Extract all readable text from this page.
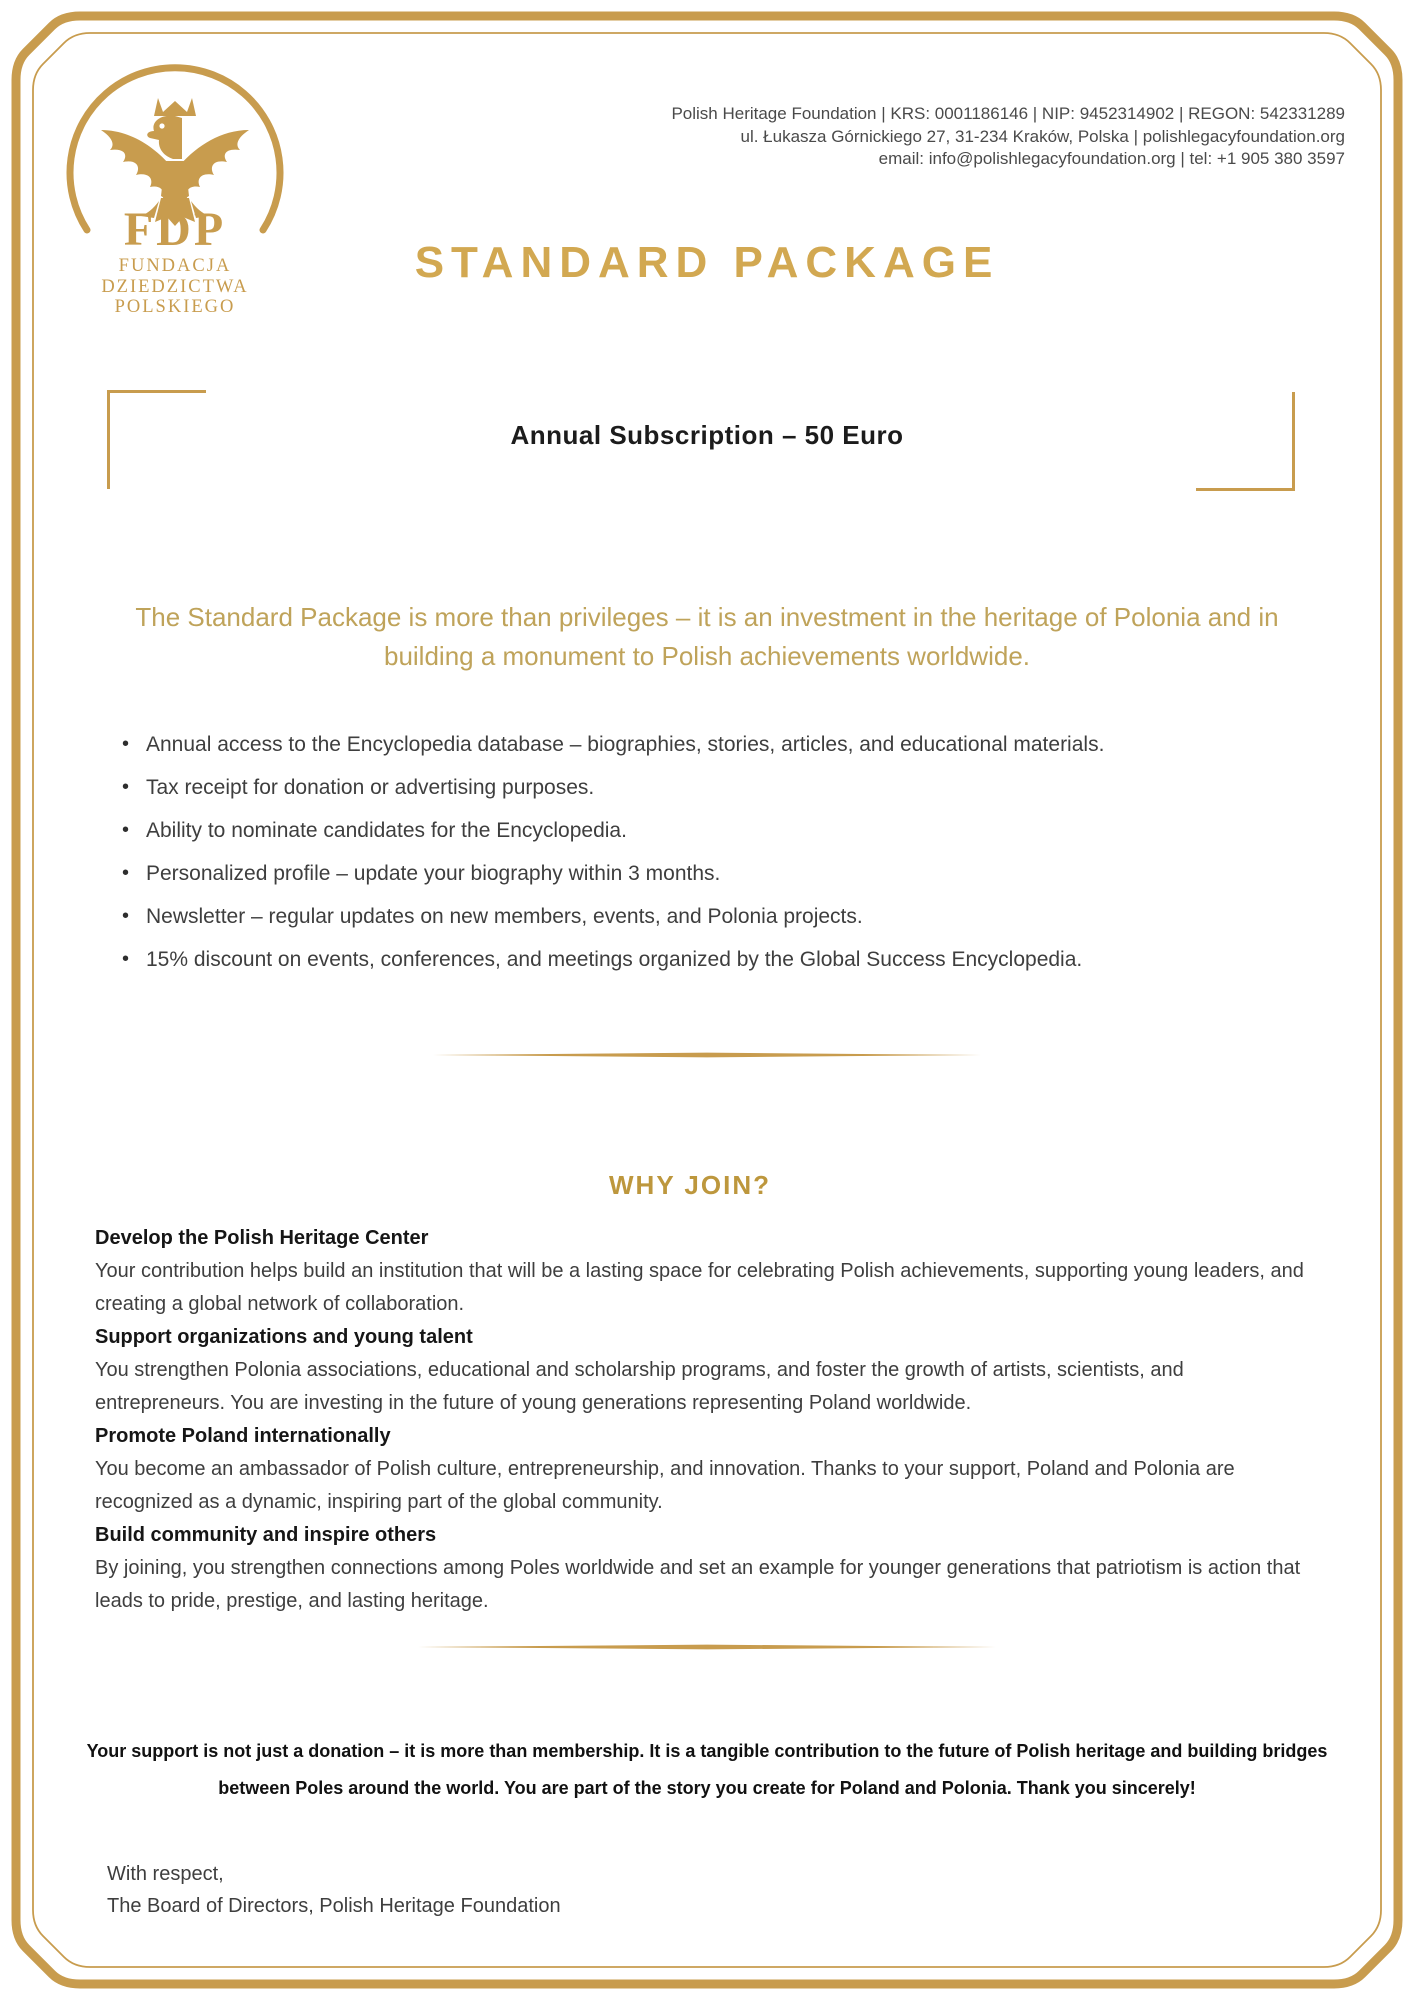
FDP
FUNDACJA
DZIEDZICTWA
POLSKIEGO
Polish Heritage Foundation | KRS: 0001186146 | NIP: 9452314902 | REGON: 542331289
ul. Łukasza Górnickiego 27, 31-234 Kraków, Polska | polishlegacyfoundation.org
email: info@polishlegacyfoundation.org | tel: +1 905 380 3597
STANDARD PACKAGE
Annual Subscription – 50 Euro
The Standard Package is more than privileges – it is an investment in the heritage of Polonia and in building a monument to Polish achievements worldwide.
• Annual access to the Encyclopedia database – biographies, stories, articles, and educational materials.
• Tax receipt for donation or advertising purposes.
• Ability to nominate candidates for the Encyclopedia.
• Personalized profile – update your biography within 3 months.
• Newsletter – regular updates on new members, events, and Polonia projects.
• 15% discount on events, conferences, and meetings organized by the Global Success Encyclopedia.
WHY JOIN?
Develop the Polish Heritage Center

Your contribution helps build an institution that will be a lasting space for celebrating Polish achievements, supporting young leaders, and creating a global network of collaboration.

Support organizations and young talent

You strengthen Polonia associations, educational and scholarship programs, and foster the growth of artists, scientists, and entrepreneurs. You are investing in the future of young generations representing Poland worldwide.

Promote Poland internationally

You become an ambassador of Polish culture, entrepreneurship, and innovation. Thanks to your support, Poland and Polonia are recognized as a dynamic, inspiring part of the global community.

Build community and inspire others

By joining, you strengthen connections among Poles worldwide and set an example for younger generations that patriotism is action that leads to pride, prestige, and lasting heritage.

Your support is not just a donation – it is more than membership. It is a tangible contribution to the future of Polish heritage and building bridges between Poles around the world. You are part of the story you create for Poland and Polonia. Thank you sincerely!
With respect,
The Board of Directors, Polish Heritage Foundation
